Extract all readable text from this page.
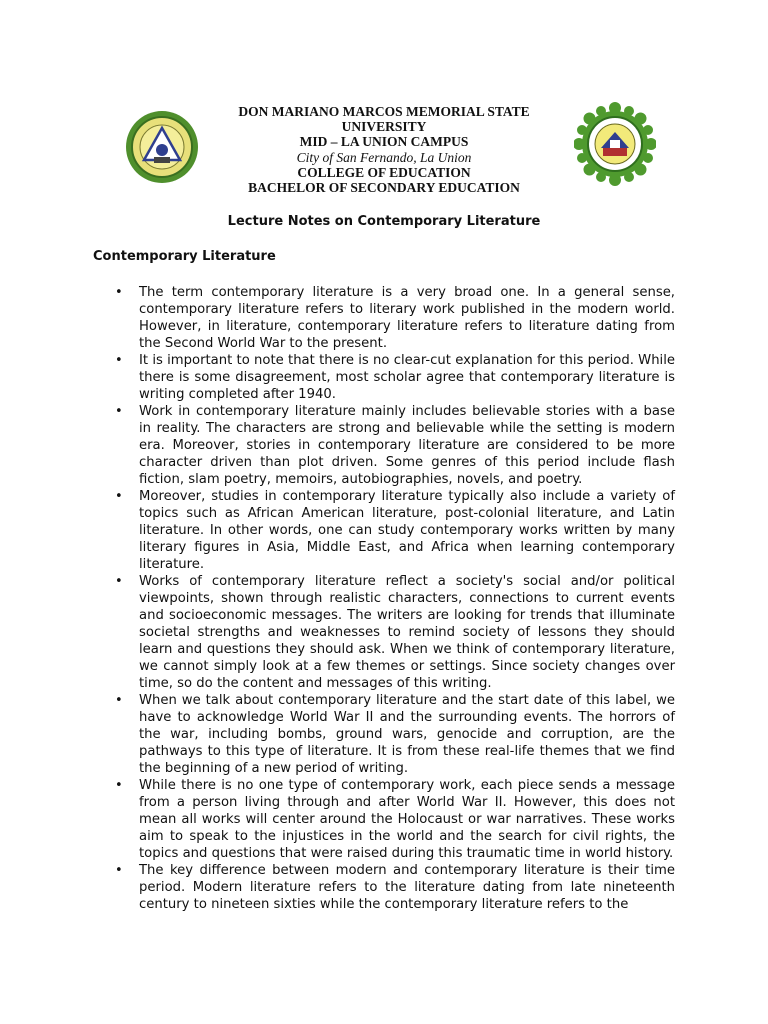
DON MARIANO MARCOS MEMORIAL STATE
UNIVERSITY
MID – LA UNION CAMPUS
City of San Fernando, La Union
COLLEGE OF EDUCATION
BACHELOR OF SECONDARY EDUCATION
Lecture Notes on Contemporary Literature
Contemporary Literature
•	The term contemporary literature is a very broad one. In a general sense, contemporary literature refers to literary work published in the modern world. However, in literature, contemporary literature refers to literature dating from the Second World War to the present.
•	It is important to note that there is no clear-cut explanation for this period. While there is some disagreement, most scholar agree that contemporary literature is writing completed after 1940.
•	Work in contemporary literature mainly includes believable stories with a base in reality. The characters are strong and believable while the setting is modern era. Moreover, stories in contemporary literature are considered to be more character driven than plot driven. Some genres of this period include flash fiction, slam poetry, memoirs, autobiographies, novels, and poetry.
•	Moreover, studies in contemporary literature typically also include a variety of topics such as African American literature, post-colonial literature, and Latin literature. In other words, one can study contemporary works written by many literary figures in Asia, Middle East, and Africa when learning contemporary literature.
•	Works of contemporary literature reflect a society's social and/or political viewpoints, shown through realistic characters, connections to current events and socioeconomic messages. The writers are looking for trends that illuminate societal strengths and weaknesses to remind society of lessons they should learn and questions they should ask. When we think of contemporary literature, we cannot simply look at a few themes or settings. Since society changes over time, so do the content and messages of this writing.
•	When we talk about contemporary literature and the start date of this label, we have to acknowledge World War II and the surrounding events. The horrors of the war, including bombs, ground wars, genocide and corruption, are the pathways to this type of literature. It is from these real-life themes that we find the beginning of a new period of writing.
•	While there is no one type of contemporary work, each piece sends a message from a person living through and after World War II. However, this does not mean all works will center around the Holocaust or war narratives. These works aim to speak to the injustices in the world and the search for civil rights, the topics and questions that were raised during this traumatic time in world history.
•	The key difference between modern and contemporary literature is their time period. Modern literature refers to the literature dating from late nineteenth century to nineteen sixties while the contemporary literature refers to the
